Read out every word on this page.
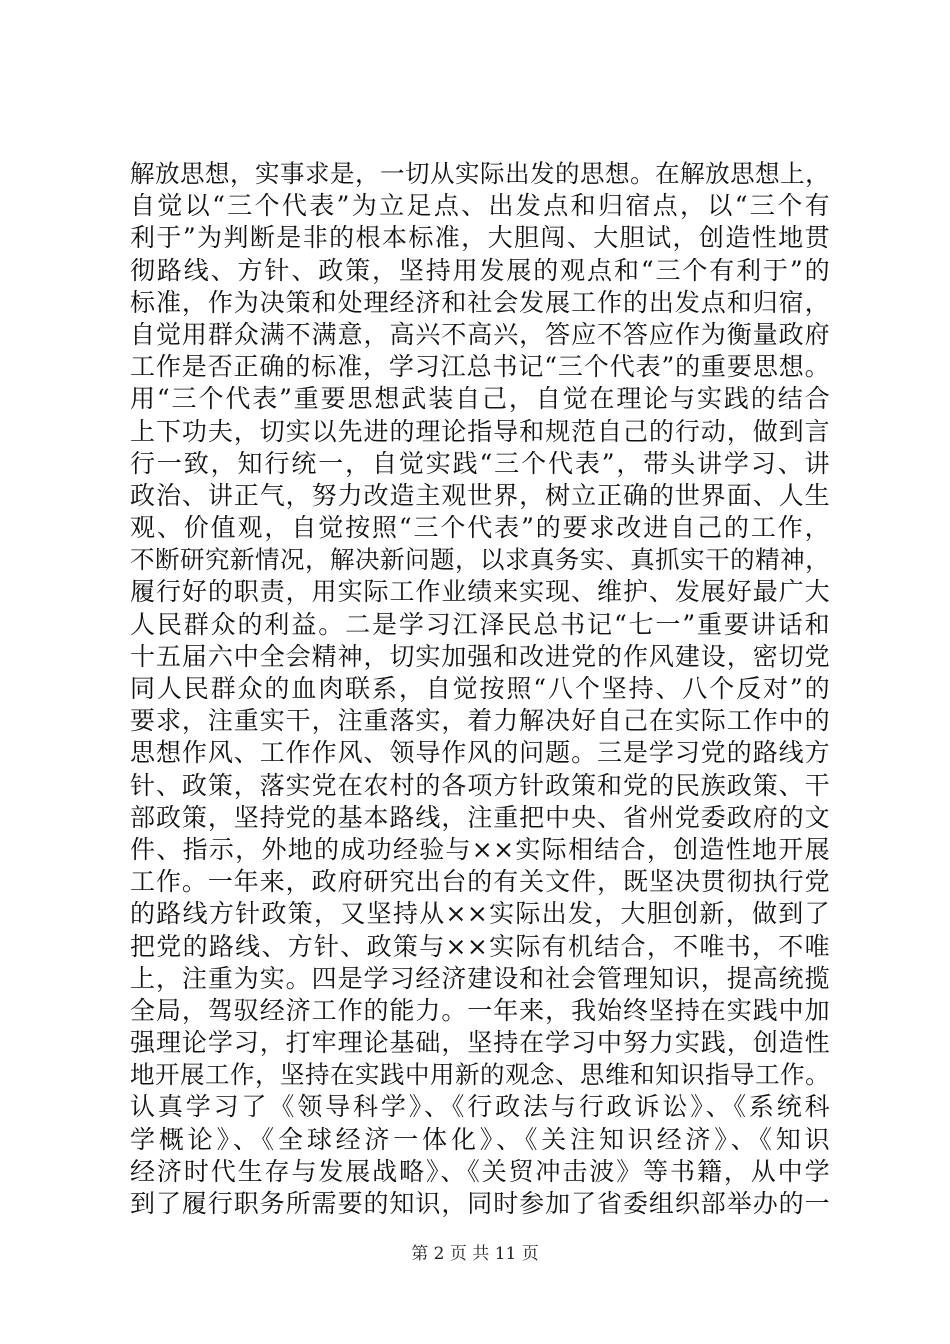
解放思想，实事求是，一切从实际出发的思想。在解放思想上，
自觉以“三个代表”为立足点、出发点和归宿点，以“三个有
利于”为判断是非的根本标准，大胆闯、大胆试，创造性地贯
彻路线、方针、政策，坚持用发展的观点和“三个有利于”的
标准，作为决策和处理经济和社会发展工作的出发点和归宿，
自觉用群众满不满意，高兴不高兴，答应不答应作为衡量政府
工作是否正确的标准，学习江总书记“三个代表”的重要思想。
用“三个代表”重要思想武装自己，自觉在理论与实践的结合
上下功夫，切实以先进的理论指导和规范自己的行动，做到言
行一致，知行统一，自觉实践“三个代表”，带头讲学习、讲
政治、讲正气，努力改造主观世界，树立正确的世界面、人生
观、价值观，自觉按照“三个代表”的要求改进自己的工作，
不断研究新情况，解决新问题，以求真务实、真抓实干的精神，
履行好的职责，用实际工作业绩来实现、维护、发展好最广大
人民群众的利益。二是学习江泽民总书记“七一”重要讲话和
十五届六中全会精神，切实加强和改进党的作风建设，密切党
同人民群众的血肉联系，自觉按照“八个坚持、八个反对”的
要求，注重实干，注重落实，着力解决好自己在实际工作中的
思想作风、工作作风、领导作风的问题。三是学习党的路线方
针、政策，落实党在农村的各项方针政策和党的民族政策、干
部政策，坚持党的基本路线，注重把中央、省州党委政府的文
件、指示，外地的成功经验与××实际相结合，创造性地开展
工作。一年来，政府研究出台的有关文件，既坚决贯彻执行党
的路线方针政策，又坚持从××实际出发，大胆创新，做到了
把党的路线、方针、政策与××实际有机结合，不唯书，不唯
上，注重为实。四是学习经济建设和社会管理知识，提高统揽
全局，驾驭经济工作的能力。一年来，我始终坚持在实践中加
强理论学习，打牢理论基础，坚持在学习中努力实践，创造性
地开展工作，坚持在实践中用新的观念、思维和知识指导工作。
认真学习了《领导科学》、《行政法与行政诉讼》、《系统科
学概论》、《全球经济一体化》、《关注知识经济》、《知识
经济时代生存与发展战略》、《关贸冲击波》等书籍，从中学
到了履行职务所需要的知识，同时参加了省委组织部举办的一
第 2 页 共 11 页
